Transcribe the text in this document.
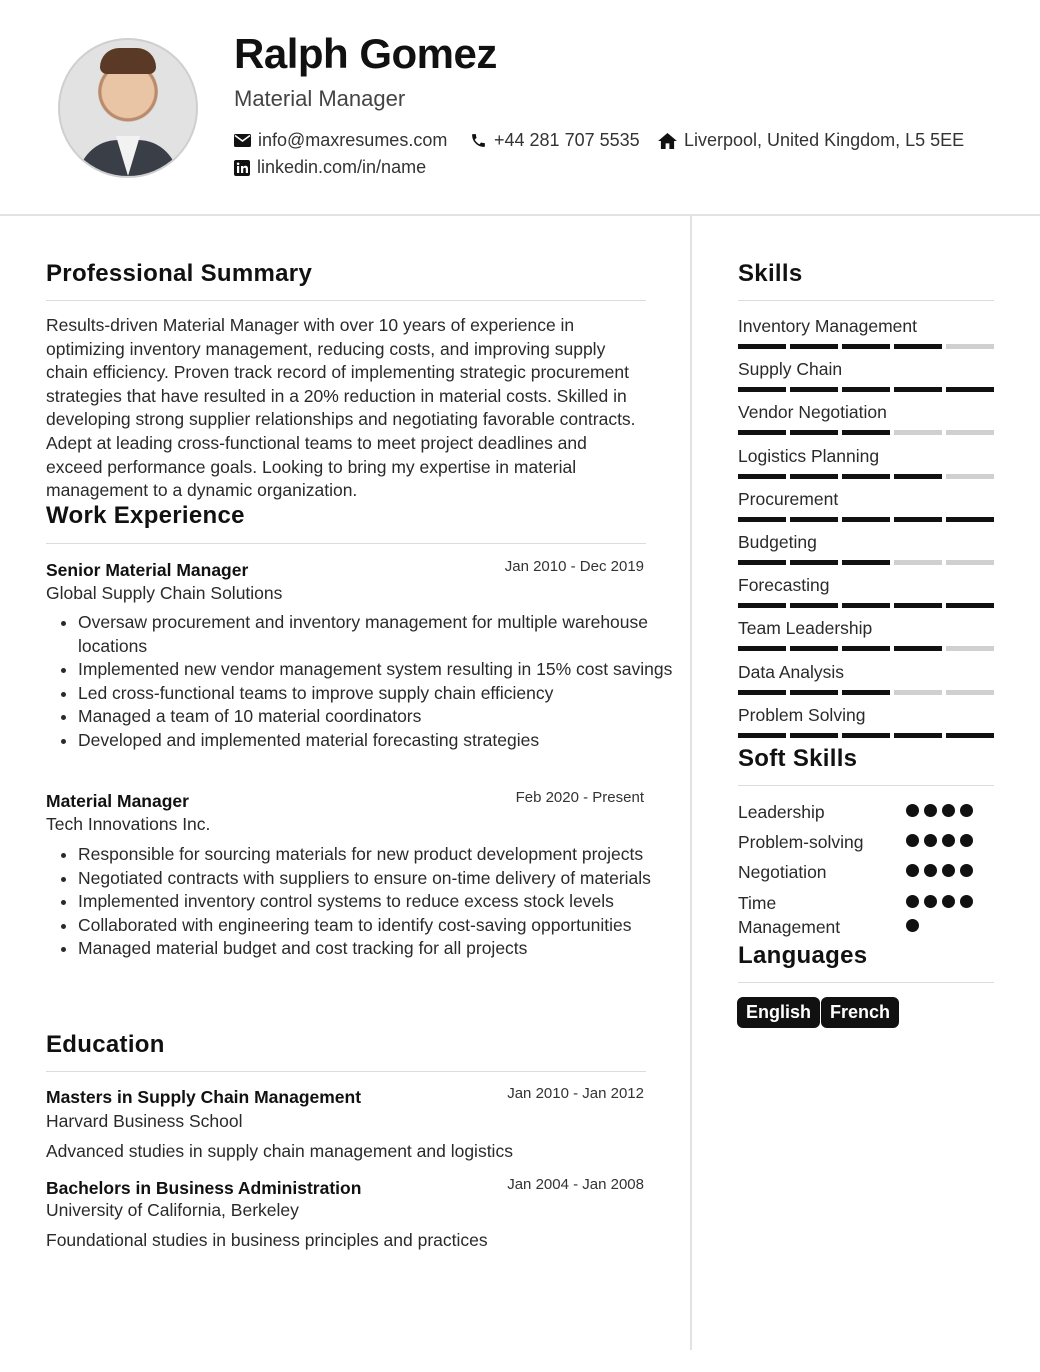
Ralph Gomez
Material Manager
info@maxresumes.com	+44 281 707 5535 Liverpool, United Kingdom, L5 5EE
linkedin.com/in/name
Professional Summary
Results-driven Material Manager with over 10 years of experience in optimizing inventory management, reducing costs, and improving supply chain efficiency. Proven track record of implementing strategic procurement strategies that have resulted in a 20% reduction in material costs. Skilled in developing strong supplier relationships and negotiating favorable contracts. Adept at leading cross-functional teams to meet project deadlines and exceed performance goals. Looking to bring my expertise in material management to a dynamic organization.
Work Experience
Senior Material Manager	Jan 2010 - Dec 2019
Global Supply Chain Solutions
• Oversaw procurement and inventory management for multiple warehouse locations
• Implemented new vendor management system resulting in 15% cost savings
• Led cross-functional teams to improve supply chain efficiency
• Managed a team of 10 material coordinators
• Developed and implemented material forecasting strategies
Material Manager	Feb 2020 - Present
Tech Innovations Inc.
• Responsible for sourcing materials for new product development projects
• Negotiated contracts with suppliers to ensure on-time delivery of materials
• Implemented inventory control systems to reduce excess stock levels
• Collaborated with engineering team to identify cost-saving opportunities
• Managed material budget and cost tracking for all projects
Education
Masters in Supply Chain Management	Jan 2010 - Jan 2012
Harvard Business School
Advanced studies in supply chain management and logistics
Bachelors in Business Administration	Jan 2004 - Jan 2008
University of California, Berkeley
Foundational studies in business principles and practices
Skills
Inventory Management
Supply Chain
Vendor Negotiation
Logistics Planning
Procurement
Budgeting
Forecasting
Team Leadership
Data Analysis
Problem Solving
Soft Skills
Leadership
Problem-solving
Negotiation
Time Management
Languages
English	French
